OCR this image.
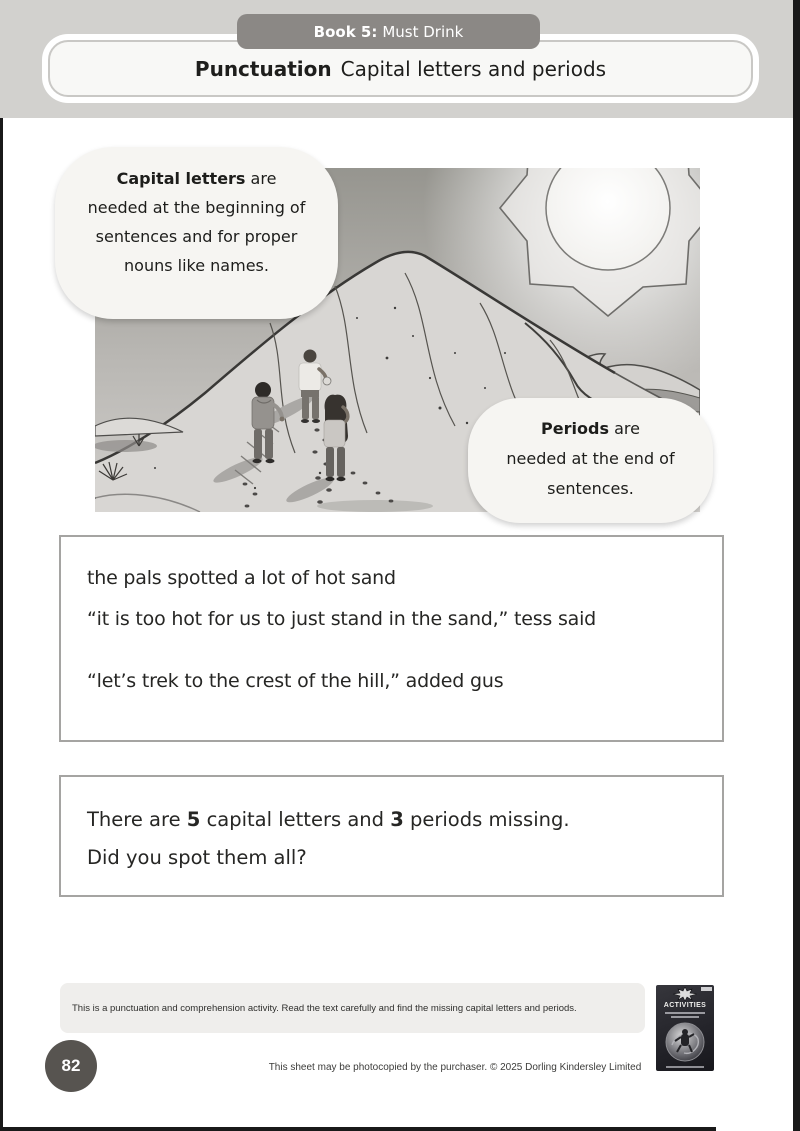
Punctuation Capital letters and periods
Book 5: Must Drink
Capital letters are
needed at the beginning of
sentences and for proper
nouns like names.
Periods are
needed at the end of
sentences.
the pals spotted a lot of hot sand
“it is too hot for us to just stand in the sand,” tess said
“let’s trek to the crest of the hill,” added gus
There are 5 capital letters and 3 periods missing.
Did you spot them all?
This is a punctuation and comprehension activity. Read the text carefully and find the missing capital letters and periods.	ACTIVITIES
82	This sheet may be photocopied by the purchaser. © 2025 Dorling Kindersley Limited
